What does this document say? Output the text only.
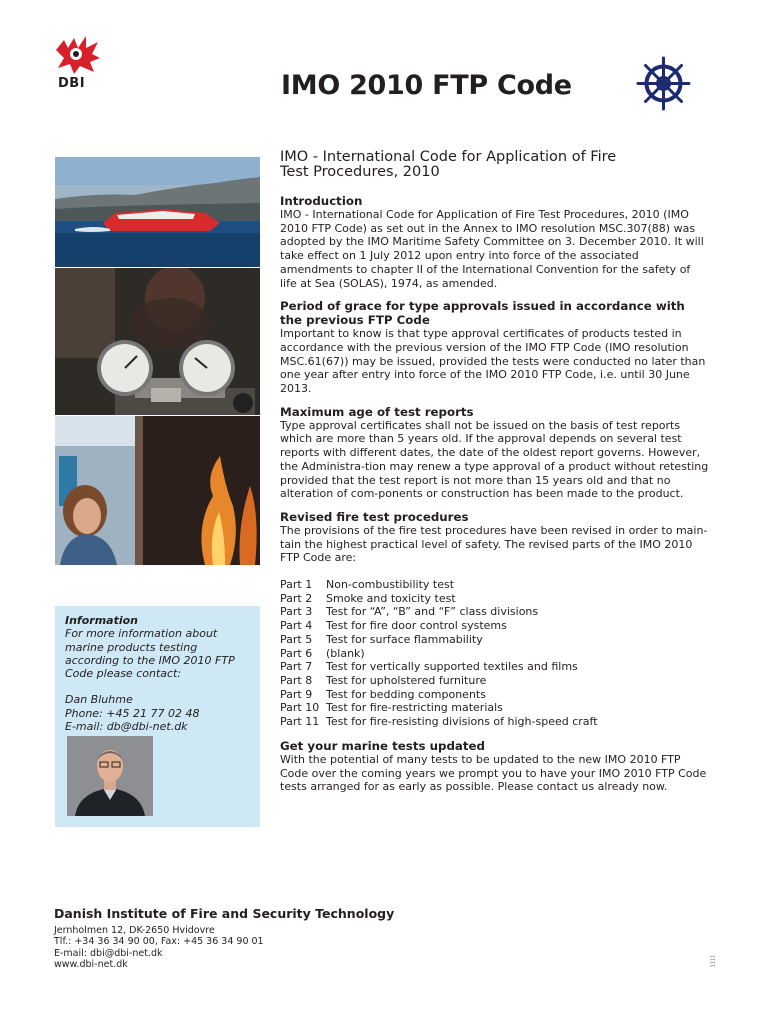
DBI	IMO 2010 FTP Code
Information
For more information about marine products testing according to the IMO 2010 FTP Code please contact:
Dan Bluhme
Phone: +45 21 77 02 48
E-mail: db@dbi-net.dk
IMO - International Code for Application of Fire
Test Procedures, 2010
Introduction

IMO - International Code for Application of Fire Test Procedures, 2010 (IMO 2010 FTP Code) as set out in the Annex to IMO resolution MSC.307(88) was adopted by the IMO Maritime Safety Committee on 3. December 2010. It will take effect on 1 July 2012 upon entry into force of the associated amendments to chapter II of the International Convention for the safety of life at Sea (SOLAS), 1974, as amended.

Period of grace for type approvals issued in accordance with the previous FTP Code

Important to know is that type approval certificates of products tested in accordance with the previous version of the IMO FTP Code (IMO resolution MSC.61(67)) may be issued, provided the tests were conducted no later than one year after entry into force of the IMO 2010 FTP Code, i.e. until 30 June 2013.

Maximum age of test reports

Type approval certificates shall not be issued on the basis of test reports which are more than 5 years old. If the approval depends on several test reports with different dates, the date of the oldest report governs. However, the Administra-tion may renew a type approval of a product without retesting provided that the test report is not more than 15 years old and that no alteration of com-ponents or construction has been made to the product.

Revised fire test procedures

The provisions of the fire test procedures have been revised in order to main-tain the highest practical level of safety. The revised parts of the IMO 2010 FTP Code are:

Part 1	Non-combustibility test
Part 2	Smoke and toxicity test
Part 3	Test for “A”, “B” and “F” class divisions
Part 4	Test for fire door control systems
Part 5	Test for surface flammability
Part 6	(blank)
Part 7	Test for vertically supported textiles and films
Part 8	Test for upholstered furniture
Part 9	Test for bedding components
Part 10 Test for fire-restricting materials
Part 11 Test for fire-resisting divisions of high-speed craft
Get your marine tests updated

With the potential of many tests to be updated to the new IMO 2010 FTP Code over the coming years we prompt you to have your IMO 2010 FTP Code tests arranged for as early as possible. Please contact us already now.

Danish Institute of Fire and Security Technology
Jernholmen 12, DK-2650 Hvidovre
Tlf.: +34 36 34 90 00, Fax: +45 36 34 90 01
E-mail: dbi@dbi-net.dk
www.dbi-net.dk	1111
